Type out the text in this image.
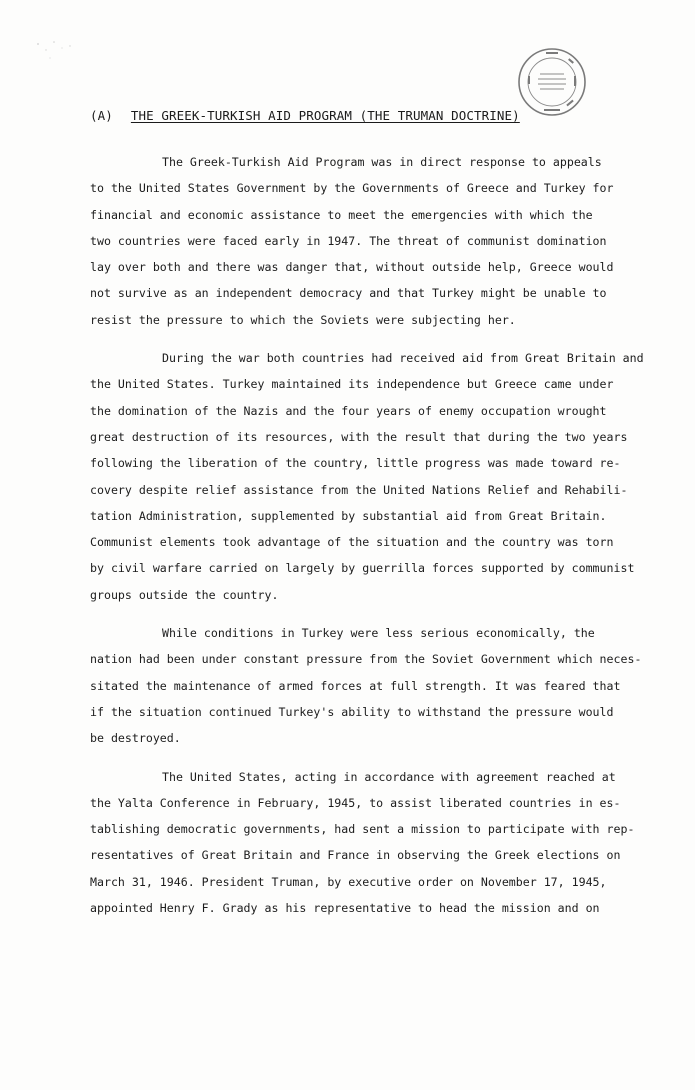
(A) THE GREEK-TURKISH AID PROGRAM (THE TRUMAN DOCTRINE)

The Greek-Turkish Aid Program was in direct response to appeals
to the United States Government by the Governments of Greece and Turkey for
financial and economic assistance to meet the emergencies with which the
two countries were faced early in 1947. The threat of communist domination
lay over both and there was danger that, without outside help, Greece would
not survive as an independent democracy and that Turkey might be unable to
resist the pressure to which the Soviets were subjecting her.

During the war both countries had received aid from Great Britain and
the United States. Turkey maintained its independence but Greece came under
the domination of the Nazis and the four years of enemy occupation wrought
great destruction of its resources, with the result that during the two years
following the liberation of the country, little progress was made toward re-
covery despite relief assistance from the United Nations Relief and Rehabili-
tation Administration, supplemented by substantial aid from Great Britain.
Communist elements took advantage of the situation and the country was torn
by civil warfare carried on largely by guerrilla forces supported by communist
groups outside the country.

While conditions in Turkey were less serious economically, the
nation had been under constant pressure from the Soviet Government which neces-
sitated the maintenance of armed forces at full strength. It was feared that
if the situation continued Turkey's ability to withstand the pressure would
be destroyed.

The United States, acting in accordance with agreement reached at
the Yalta Conference in February, 1945, to assist liberated countries in es-
tablishing democratic governments, had sent a mission to participate with rep-
resentatives of Great Britain and France in observing the Greek elections on
March 31, 1946. President Truman, by executive order on November 17, 1945,
appointed Henry F. Grady as his representative to head the mission and on
